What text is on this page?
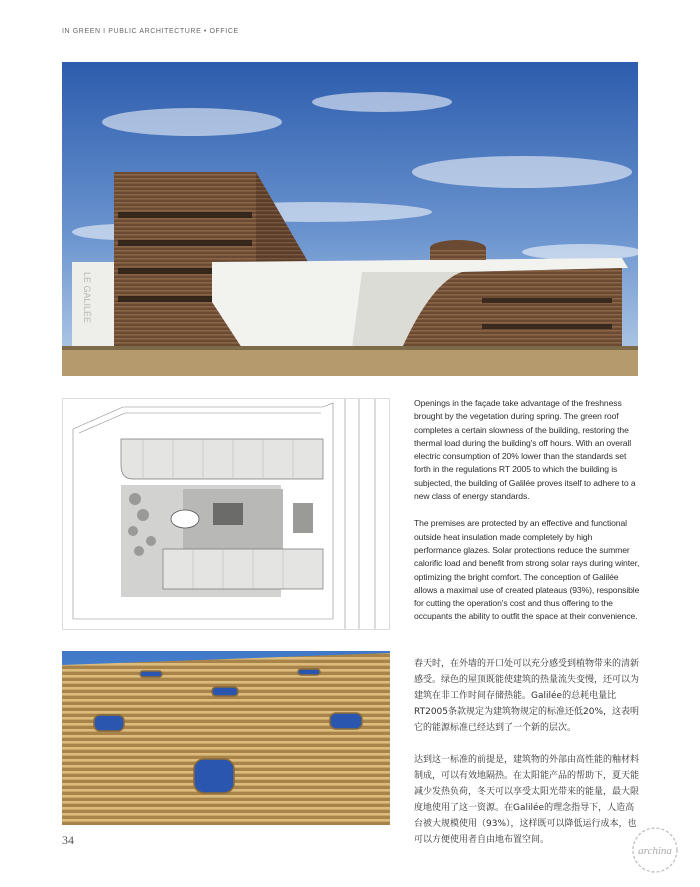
IN GREEN I PUBLIC ARCHITECTURE • OFFICE
LE GALILÉE

Openings in the façade take advantage of the freshness brought by the vegetation during spring. The green roof completes a certain slowness of the building, restoring the thermal load during the building's off hours. With an overall electric consumption of 20% lower than the standards set forth in the regulations RT 2005 to which the building is subjected, the building of Galilée proves itself to adhere to a new class of energy standards.

The premises are protected by an effective and functional outside heat insulation made completely by high performance glazes. Solar protections reduce the summer calorific load and benefit from strong solar rays during winter, optimizing the bright comfort. The conception of Galilée allows a maximal use of created plateaus (93%), responsible for cutting the operation's cost and thus offering to the occupants the ability to outfit the space at their convenience.

春天时，在外墙的开口处可以充分感受到植物带来的清新感受。绿色的屋顶既能使建筑的热量流失变慢，还可以为建筑在非工作时间存储热能。Galilée的总耗电量比RT2005条款规定为建筑物规定的标准还低20%，这表明它的能源标准已经达到了一个新的层次。

达到这一标准的前提是，建筑物的外部由高性能的釉材料制成，可以有效地隔热。在太阳能产品的帮助下，夏天能减少发热负荷，冬天可以享受太阳光带来的能量，最大限度地使用了这一资源。在Galilée的理念指导下，人造高台被大规模使用（93%），这样既可以降低运行成本，也可以方便使用者自由地布置空间。

34
archina
